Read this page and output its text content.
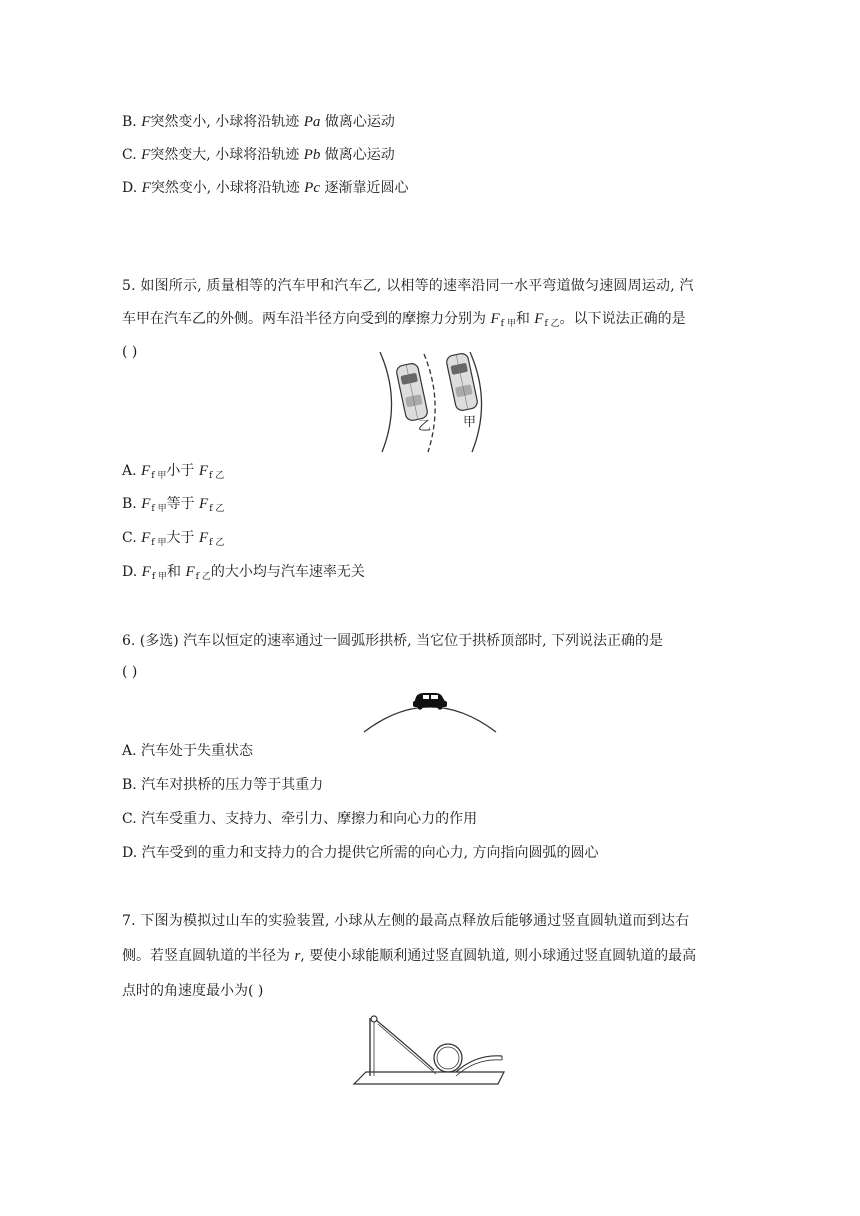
B. F突然变小, 小球将沿轨迹 Pa 做离心运动
C. F突然变大, 小球将沿轨迹 Pb 做离心运动
D. F突然变小, 小球将沿轨迹 Pc 逐渐靠近圆心
5. 如图所示, 质量相等的汽车甲和汽车乙, 以相等的速率沿同一水平弯道做匀速圆周运动, 汽
车甲在汽车乙的外侧。两车沿半径方向受到的摩擦力分别为 $F_{f 甲}$和 $F_{f 乙}$。以下说法正确的是
( )
乙 甲
A. $F_{f 甲}$小于 $F_{f 乙}$
B. $F_{f 甲}$等于 $F_{f 乙}$
C. $F_{f 甲}$大于 $F_{f 乙}$
D. $F_{f 甲}$和 $F_{f 乙}$的大小均与汽车速率无关
6. (多选) 汽车以恒定的速率通过一圆弧形拱桥, 当它位于拱桥顶部时, 下列说法正确的是
( )
A. 汽车处于失重状态
B. 汽车对拱桥的压力等于其重力
C. 汽车受重力、支持力、牵引力、摩擦力和向心力的作用
D. 汽车受到的重力和支持力的合力提供它所需的向心力, 方向指向圆弧的圆心
7. 下图为模拟过山车的实验装置, 小球从左侧的最高点释放后能够通过竖直圆轨道而到达右
侧。若竖直圆轨道的半径为 r, 要使小球能顺利通过竖直圆轨道, 则小球通过竖直圆轨道的最高
点时的角速度最小为( )
